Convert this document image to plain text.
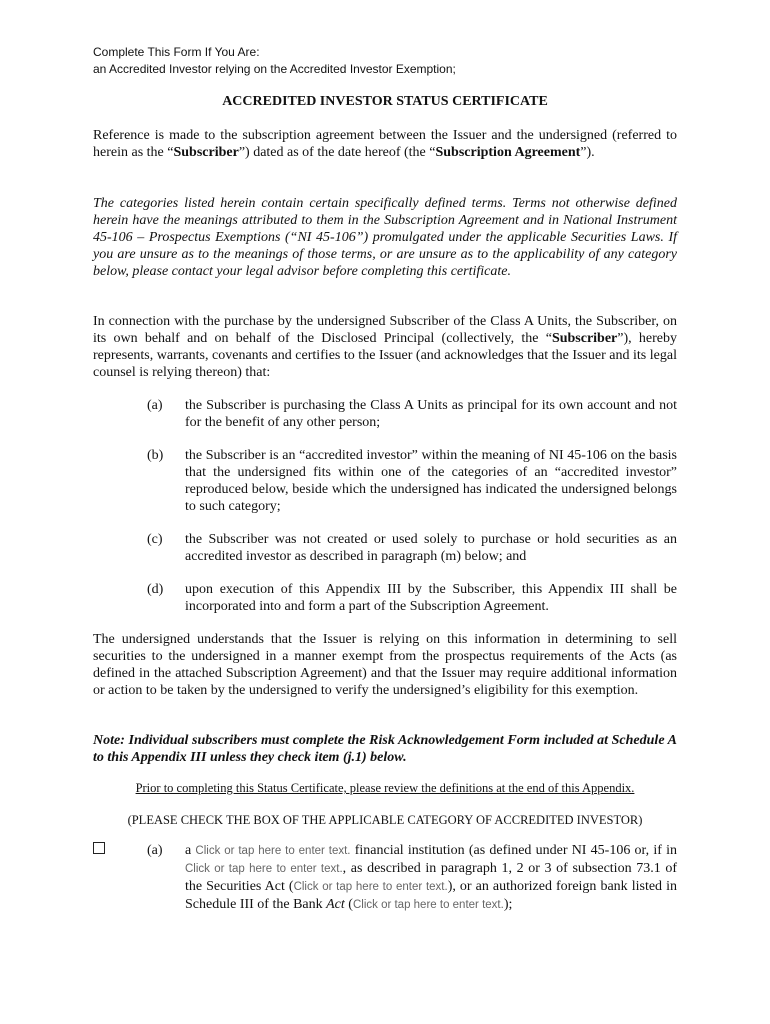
Complete This Form If You Are:
an Accredited Investor relying on the Accredited Investor Exemption;
ACCREDITED INVESTOR STATUS CERTIFICATE
Reference is made to the subscription agreement between the Issuer and the undersigned (referred to herein as the “Subscriber”) dated as of the date hereof (the “Subscription Agreement”).
The categories listed herein contain certain specifically defined terms. Terms not otherwise defined herein have the meanings attributed to them in the Subscription Agreement and in National Instrument 45-106 – Prospectus Exemptions (“NI 45-106”) promulgated under the applicable Securities Laws. If you are unsure as to the meanings of those terms, or are unsure as to the applicability of any category below, please contact your legal advisor before completing this certificate.
In connection with the purchase by the undersigned Subscriber of the Class A Units, the Subscriber, on its own behalf and on behalf of the Disclosed Principal (collectively, the “Subscriber”), hereby represents, warrants, covenants and certifies to the Issuer (and acknowledges that the Issuer and its legal counsel is relying thereon) that:
(a) the Subscriber is purchasing the Class A Units as principal for its own account and not for the benefit of any other person;
(b) the Subscriber is an “accredited investor” within the meaning of NI 45-106 on the basis that the undersigned fits within one of the categories of an “accredited investor” reproduced below, beside which the undersigned has indicated the undersigned belongs to such category;
(c) the Subscriber was not created or used solely to purchase or hold securities as an accredited investor as described in paragraph (m) below; and
(d) upon execution of this Appendix III by the Subscriber, this Appendix III shall be incorporated into and form a part of the Subscription Agreement.
The undersigned understands that the Issuer is relying on this information in determining to sell securities to the undersigned in a manner exempt from the prospectus requirements of the Acts (as defined in the attached Subscription Agreement) and that the Issuer may require additional information or action to be taken by the undersigned to verify the undersigned’s eligibility for this exemption.
Note: Individual subscribers must complete the Risk Acknowledgement Form included at Schedule A to this Appendix III unless they check item (j.1) below.
Prior to completing this Status Certificate, please review the definitions at the end of this Appendix.
(PLEASE CHECK THE BOX OF THE APPLICABLE CATEGORY OF ACCREDITED INVESTOR)
(a) a Click or tap here to enter text. financial institution (as defined under NI 45-106 or, if in Click or tap here to enter text., as described in paragraph 1, 2 or 3 of subsection 73.1 of the Securities Act (Click or tap here to enter text.), or an authorized foreign bank listed in Schedule III of the Bank Act (Click or tap here to enter text.);
